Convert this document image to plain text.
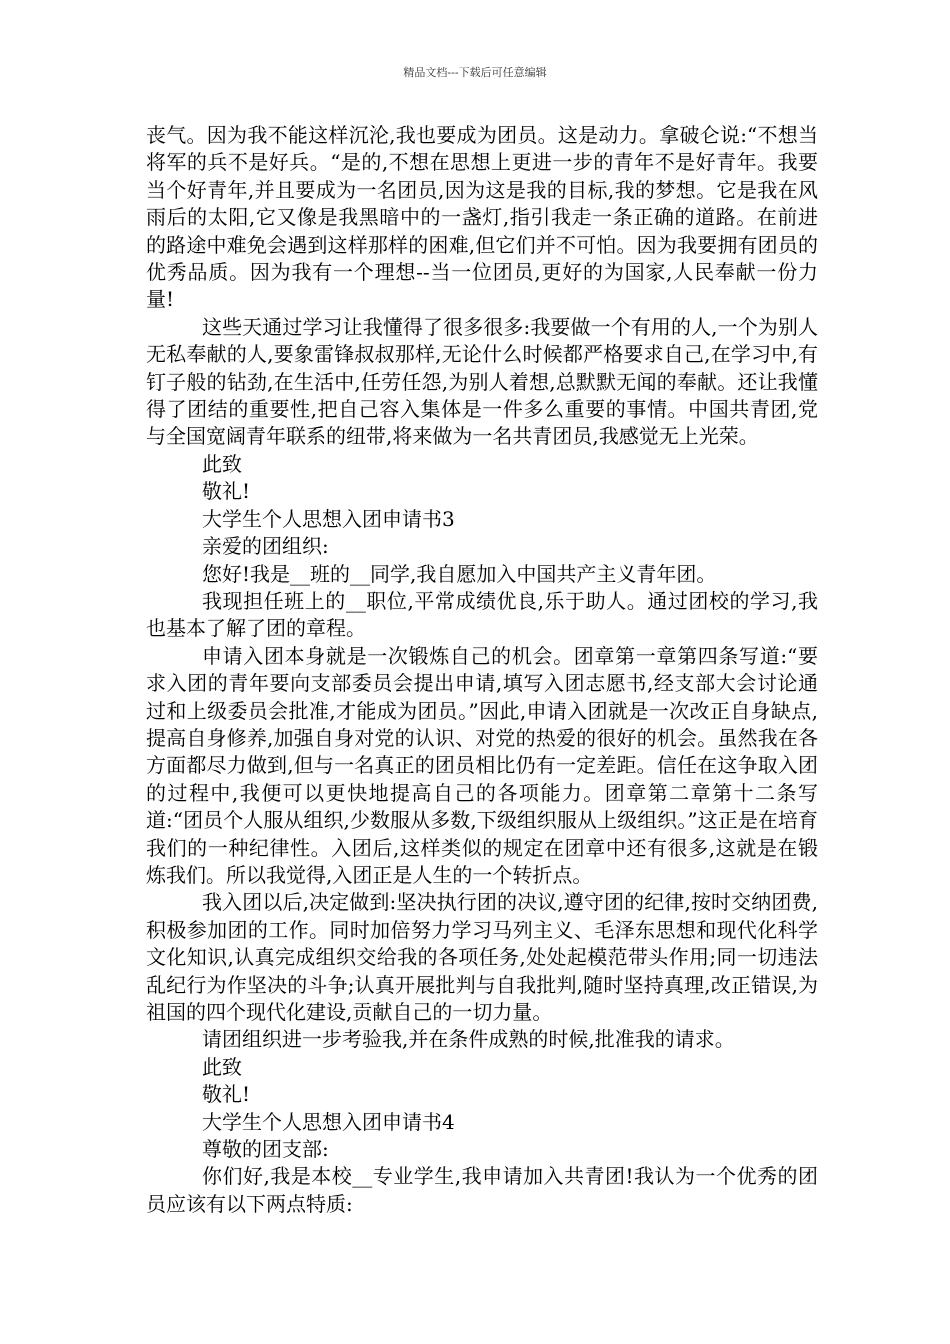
精品文档---下载后可任意编辑

丧气。因为我不能这样沉沦,我也要成为团员。这是动力。拿破仑说:“不想当将军的兵不是好兵。“是的,不想在思想上更进一步的青年不是好青年。我要当个好青年,并且要成为一名团员,因为这是我的目标,我的梦想。它是我在风雨后的太阳,它又像是我黑暗中的一盏灯,指引我走一条正确的道路。在前进的路途中难免会遇到这样那样的困难,但它们并不可怕。因为我要拥有团员的优秀品质。因为我有一个理想--当一位团员,更好的为国家,人民奉献一份力量!

这些天通过学习让我懂得了很多很多:我要做一个有用的人,一个为别人无私奉献的人,要象雷锋叔叔那样,无论什么时候都严格要求自己,在学习中,有钉子般的钻劲,在生活中,任劳任怨,为别人着想,总默默无闻的奉献。还让我懂得了团结的重要性,把自己容入集体是一件多么重要的事情。中国共青团,党与全国宽阔青年联系的纽带,将来做为一名共青团员,我感觉无上光荣。

此致

敬礼!

大学生个人思想入团申请书3

亲爱的团组织:

您好!我是__班的__同学,我自愿加入中国共产主义青年团。

我现担任班上的__职位,平常成绩优良,乐于助人。通过团校的学习,我也基本了解了团的章程。

申请入团本身就是一次锻炼自己的机会。团章第一章第四条写道:“要求入团的青年要向支部委员会提出申请,填写入团志愿书,经支部大会讨论通过和上级委员会批准,才能成为团员。”因此,申请入团就是一次改正自身缺点,提高自身修养,加强自身对党的认识、对党的热爱的很好的机会。虽然我在各方面都尽力做到,但与一名真正的团员相比仍有一定差距。信任在这争取入团的过程中,我便可以更快地提高自己的各项能力。团章第二章第十二条写道:“团员个人服从组织,少数服从多数,下级组织服从上级组织。”这正是在培育我们的一种纪律性。入团后,这样类似的规定在团章中还有很多,这就是在锻炼我们。所以我觉得,入团正是人生的一个转折点。

我入团以后,决定做到:坚决执行团的决议,遵守团的纪律,按时交纳团费,积极参加团的工作。同时加倍努力学习马列主义、毛泽东思想和现代化科学文化知识,认真完成组织交给我的各项任务,处处起模范带头作用;同一切违法乱纪行为作坚决的斗争;认真开展批判与自我批判,随时坚持真理,改正错误,为祖国的四个现代化建设,贡献自己的一切力量。

请团组织进一步考验我,并在条件成熟的时候,批准我的请求。

此致

敬礼!

大学生个人思想入团申请书4

尊敬的团支部:

你们好,我是本校__专业学生,我申请加入共青团!我认为一个优秀的团员应该有以下两点特质:
